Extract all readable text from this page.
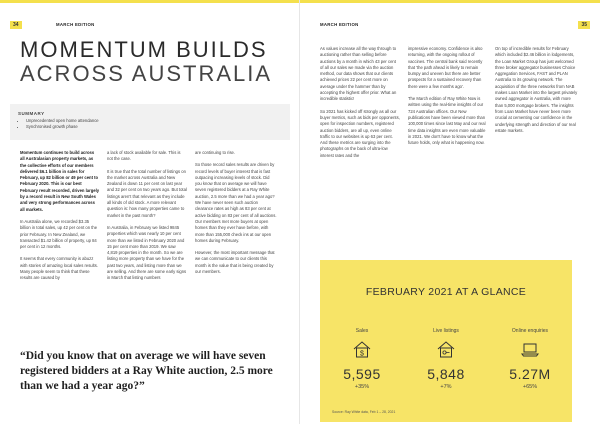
34	MARCH EDITION
MOMENTUM BUILDS
ACROSS AUSTRALIA
SUMMARY
• Unprecedented open home attendance
• Synchronised growth phase

Momentum continues to build across all Australasian property markets, as the collective efforts of our members delivered $6.1 billion in sales for February, up 82 billion or 49 per cent to February 2020. This is our best February result recorded, driven largely by a record result in New South Wales and very strong performances across all markets.

In Australia alone, we recorded $3.35 billion in total sales, up 42 per cent on the prior February. In New Zealand, we transacted $1.42 billion of property, up 84 per cent in 12 months.

It seems that every community is abuzz with stories of amazing local sales results. Many people seem to think that these results are caused by

a lack of stock available for sale. This is not the case.

It is true that the total number of listings on the market across Australia and New Zealand is down 11 per cent on last year and 32 per cent on two years ago. But total listings aren't that relevant as they include all kinds of old stock. A more relevant question is: how many properties came to market in the past month?

In Australia, in February we listed 9845 properties which was nearly 10 per cent more than we listed in February 2020 and 15 per cent more than 2019. We saw 4,819 properties in the month. So we are listing more property than we have for the past two years, and listing more than we are selling. And there are some early signs in March that listing numbers

are continuing to rise.

So those record sales results are driven by record levels of buyer interest that is fast outpacing increasing levels of stock. Did you know that on average we will have seven registered bidders at a Ray White auction, 2.5 more than we had a year ago? We have never seen such auction clearance rates as high as 83 per cent at active bidding on 83 per cent of all auctions. Our members met more buyers at open homes than they ever have before, with more than 155,000 check ins at our open homes during February.

However, the most important message that we can communicate to our clients this month is the value that is being created by our members.

“Did you know that on average we will have seven registered bidders at a Ray White auction, 2.5 more than we had a year ago?”
MARCH EDITION	35

As values increase all the way through to auctioning rather than selling before auctions by a month in which 43 per cent of all our sales we made via the auction method, our data shows that our clients achieved prices 22 per cent more on average under the hammer than by accepting the highest offer prior. What an incredible statistic!

So 2021 has kicked off strongly as all our buyer metrics, such as bids per opponents, open for inspection numbers, registered auction bidders, are all up, even online traffic to our websites is up 63 per cent. And these metrics are surging into the photographs on the back of ultra-low interest rates and the

impressive economy. Confidence is also returning, with the ongoing rollout of vaccines. The central bank said recently that 'the path ahead is likely to remain bumpy and uneven but there are better prospects for a sustained recovery than there were a few months ago'.

The March edition of Ray White Now is written using the real-time insights of our 724 Australian offices. Our New publications have been viewed more than 100,000 times since last May and our real time data insights are even more valuable in 2021. We don't have to know what the future holds, only what is happening now.

On top of incredible results for February which included $2.46 billion in lodgements, the Loan Market Group has just welcomed three broker aggregator businesses Choice Aggregation Services, FAST and PLAN Australia to its growing network. The acquisition of the three networks from NAB makes Loan Market into the largest privately owned aggregator in Australia, with more than 5,000 mortgage brokers. The insights from Loan Market have never been more crucial at cementing our confidence in the underlying strength and direction of our real estate markets.

FEBRUARY 2021 AT A GLANCE
Sales
$
5,595
+35%
Live listings
5,848
+7%
Online enquiries
5.27M
+65%
Source: Ray White data, Feb 1 – 28, 2021
